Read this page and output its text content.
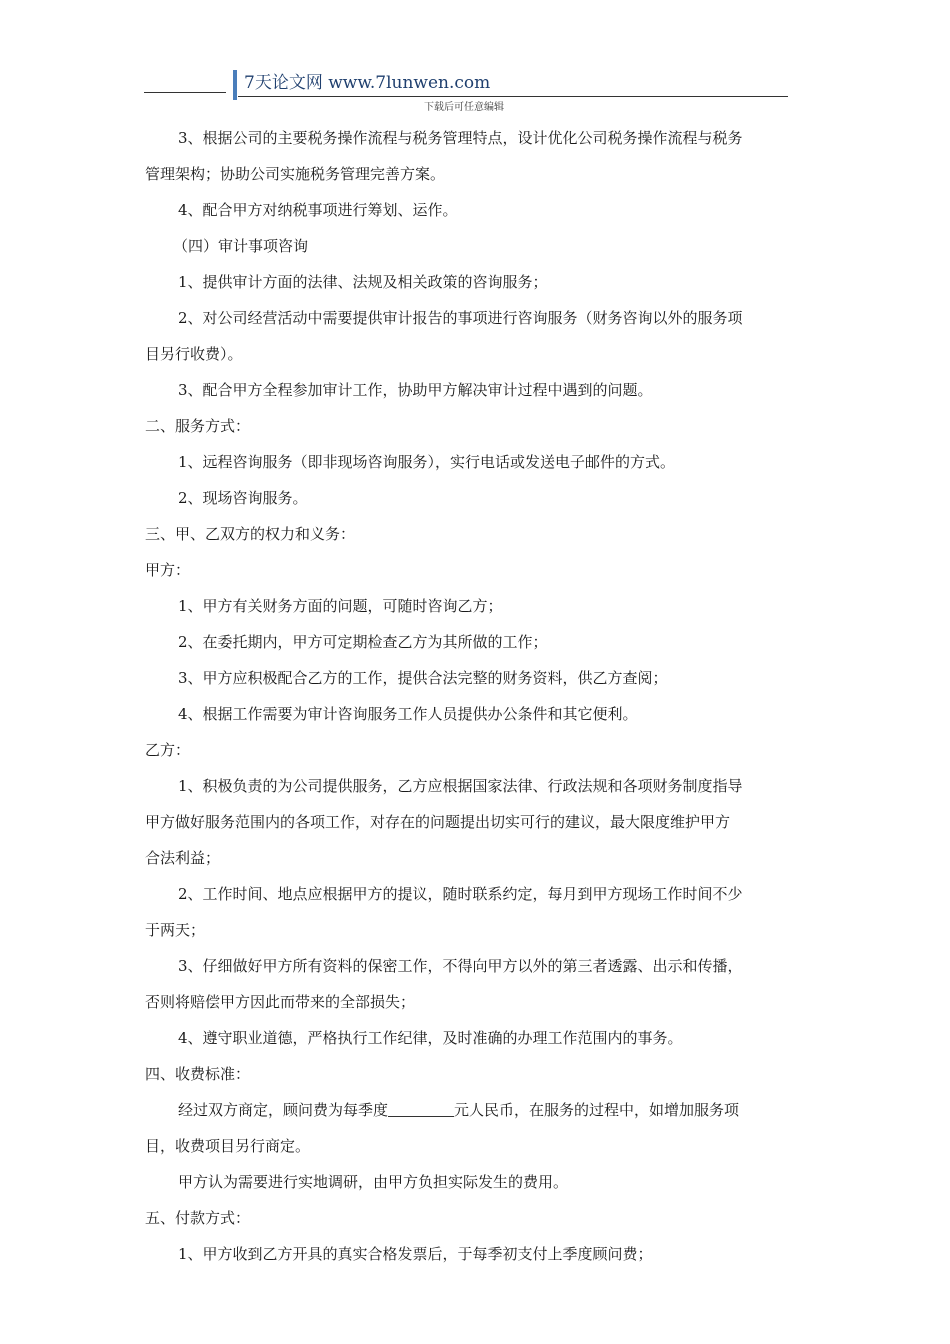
7天论文网 www.7lunwen.com
下载后可任意编辑

3、根据公司的主要税务操作流程与税务管理特点，设计优化公司税务操作流程与税务

管理架构；协助公司实施税务管理完善方案。

4、配合甲方对纳税事项进行筹划、运作。

（四）审计事项咨询

1、提供审计方面的法律、法规及相关政策的咨询服务；

2、对公司经营活动中需要提供审计报告的事项进行咨询服务（财务咨询以外的服务项

目另行收费）。

3、配合甲方全程参加审计工作，协助甲方解决审计过程中遇到的问题。

二、服务方式：

1、远程咨询服务（即非现场咨询服务），实行电话或发送电子邮件的方式。

2、现场咨询服务。

三、甲、乙双方的权力和义务：

甲方：

1、甲方有关财务方面的问题，可随时咨询乙方；

2、在委托期内，甲方可定期检查乙方为其所做的工作；

3、甲方应积极配合乙方的工作，提供合法完整的财务资料，供乙方查阅；

4、根据工作需要为审计咨询服务工作人员提供办公条件和其它便利。

乙方：

1、积极负责的为公司提供服务，乙方应根据国家法律、行政法规和各项财务制度指导

甲方做好服务范围内的各项工作，对存在的问题提出切实可行的建议，最大限度维护甲方

合法利益；

2、工作时间、地点应根据甲方的提议，随时联系约定，每月到甲方现场工作时间不少

于两天；

3、仔细做好甲方所有资料的保密工作，不得向甲方以外的第三者透露、出示和传播，

否则将赔偿甲方因此而带来的全部损失；

4、遵守职业道德，严格执行工作纪律，及时准确的办理工作范围内的事务。

四、收费标准：

经过双方商定，顾问费为每季度	元人民币，在服务的过程中，如增加服务项

目，收费项目另行商定。

甲方认为需要进行实地调研，由甲方负担实际发生的费用。

五、付款方式：

1、甲方收到乙方开具的真实合格发票后，于每季初支付上季度顾问费；
